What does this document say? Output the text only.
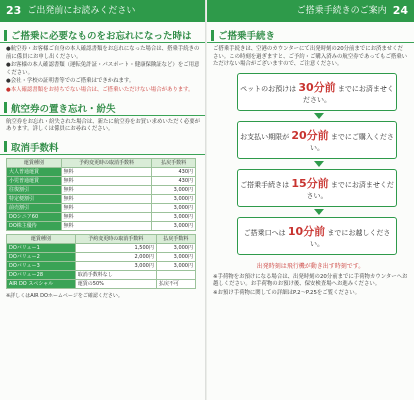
23 ご出発前にお読みください
ご搭乗に必要なものをお忘れになった時は

●航空券・お客様ご自身の本人確認書類をお忘れになった場合は、搭乗手続きの前に係員にお申し出ください。

●お客様の本人確認書類（運転免許証・パスポート・健康保険証など）をご用意ください。

●会社・学校の証明書等でのご搭乗はできかねます。

●本人確認書類をお持ちでない場合は、ご搭乗いただけない場合があります。

航空券の置き忘れ・紛失

航空券をお忘れ・紛失された場合は、新たに航空券をお買い求めいただく必要があります。詳しくは係員にお尋ねください。

取消手数料
運賃種別	予約変更時の取消手数料	払戻手数料
大人普通運賃	無料	430円
小児普通運賃	無料	430円
往復割引	無料	3,000円
特定便割引	無料	3,000円
前売割引	無料	3,000円
DOシニア60	無料	3,000円
DO株主優待	無料	3,000円
運賃種別	予約変更時の取消手数料	払戻手数料
DOバリュー1	1,500円	3,000円
DOバリュー2	2,000円	3,000円
DOバリュー3	3,000円	3,000円
DOバリュー28	取消手数料なし	
AIR DO スペシャル	運賃の50%	払戻不可
※詳しくはAIR DOホームページをご確認ください。
ご搭乗手続きのご案内 24
ご搭乗手続き
ご搭乗手続きは、空港のカウンターにて出発時刻の20分前までにお済ませください。この時刻を過ぎますと、ご予約・ご購入済みの航空券であってもご搭乗いただけない場合がございますので、ご注意ください。
ペットのお預けは 30分前 までにお済ませください。
お支払い期限が 20分前 までにご購入ください。
ご搭乗手続きは 15分前 までにお済ませください。
ご搭乗口へは 10分前 までにお越しください。
出発時刻は飛行機が動き出す時刻です。

※手荷物をお預けになる場合は、出発時刻の20分前までに手荷物カウンターへお越しください。お手荷物のお預け後、保安検査場へお進みください。

※お預け手荷物に関しての詳細はP.2〜P.25をご覧ください。
